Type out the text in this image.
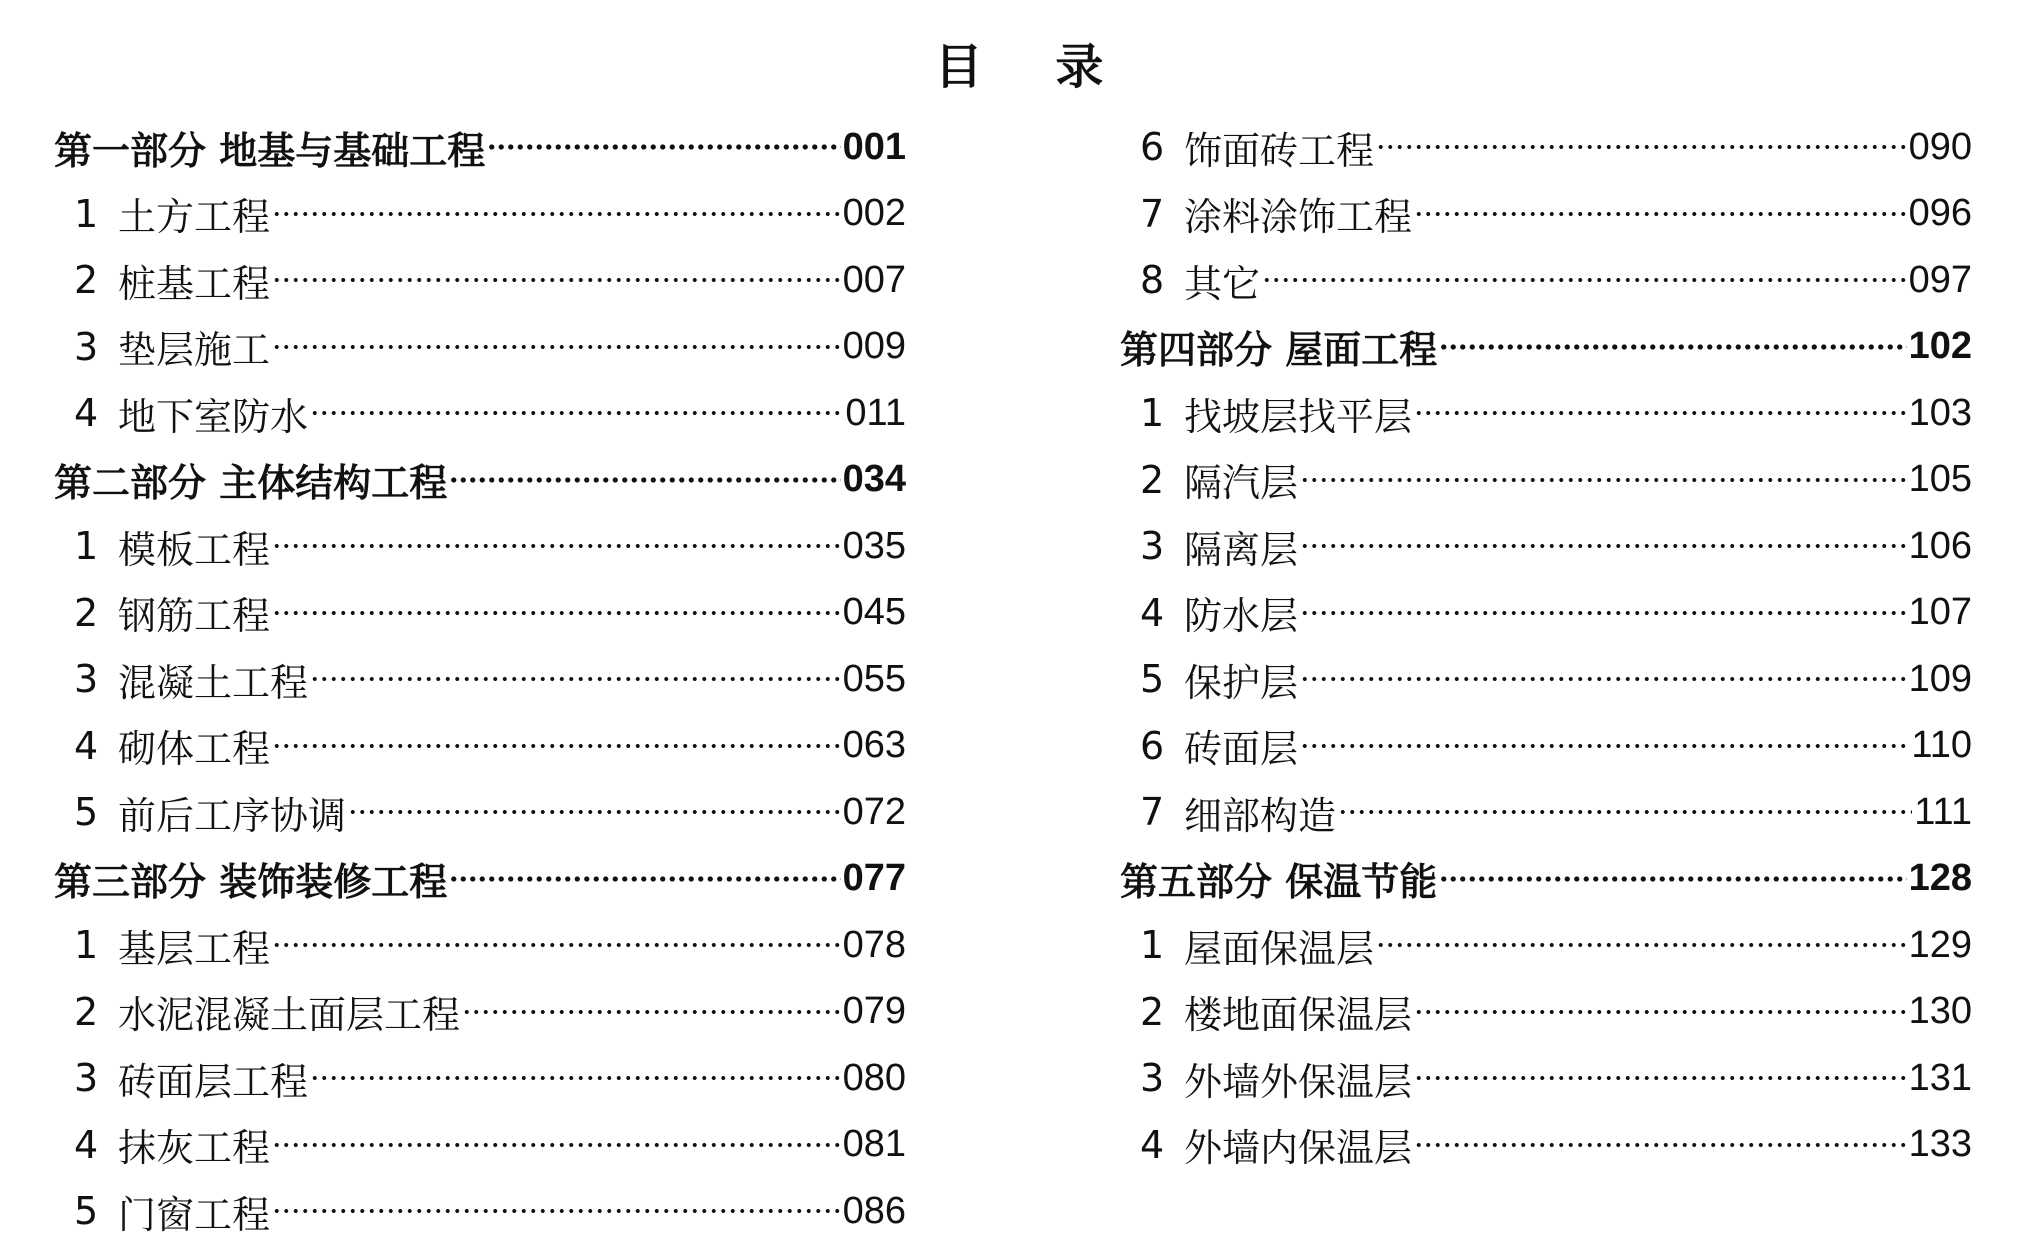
目 录
第一部分 地基与基础工程	001
1 土方工程	002
2 桩基工程	007
3 垫层施工	009
4 地下室防水	011
第二部分 主体结构工程	034
1 模板工程	035
2 钢筋工程	045
3 混凝土工程	055
4 砌体工程	063
5 前后工序协调	072
第三部分 装饰装修工程	077
1 基层工程	078
2 水泥混凝土面层工程	079
3 砖面层工程	080
4 抹灰工程	081
5 门窗工程	086
6 饰面砖工程	090
7 涂料涂饰工程	096
8 其它	097
第四部分 屋面工程	102
1 找坡层找平层	103
2 隔汽层	105
3 隔离层	106
4 防水层	107
5 保护层	109
6 砖面层	110
7 细部构造	111
第五部分 保温节能	128
1 屋面保温层	129
2 楼地面保温层	130
3 外墙外保温层	131
4 外墙内保温层	133
